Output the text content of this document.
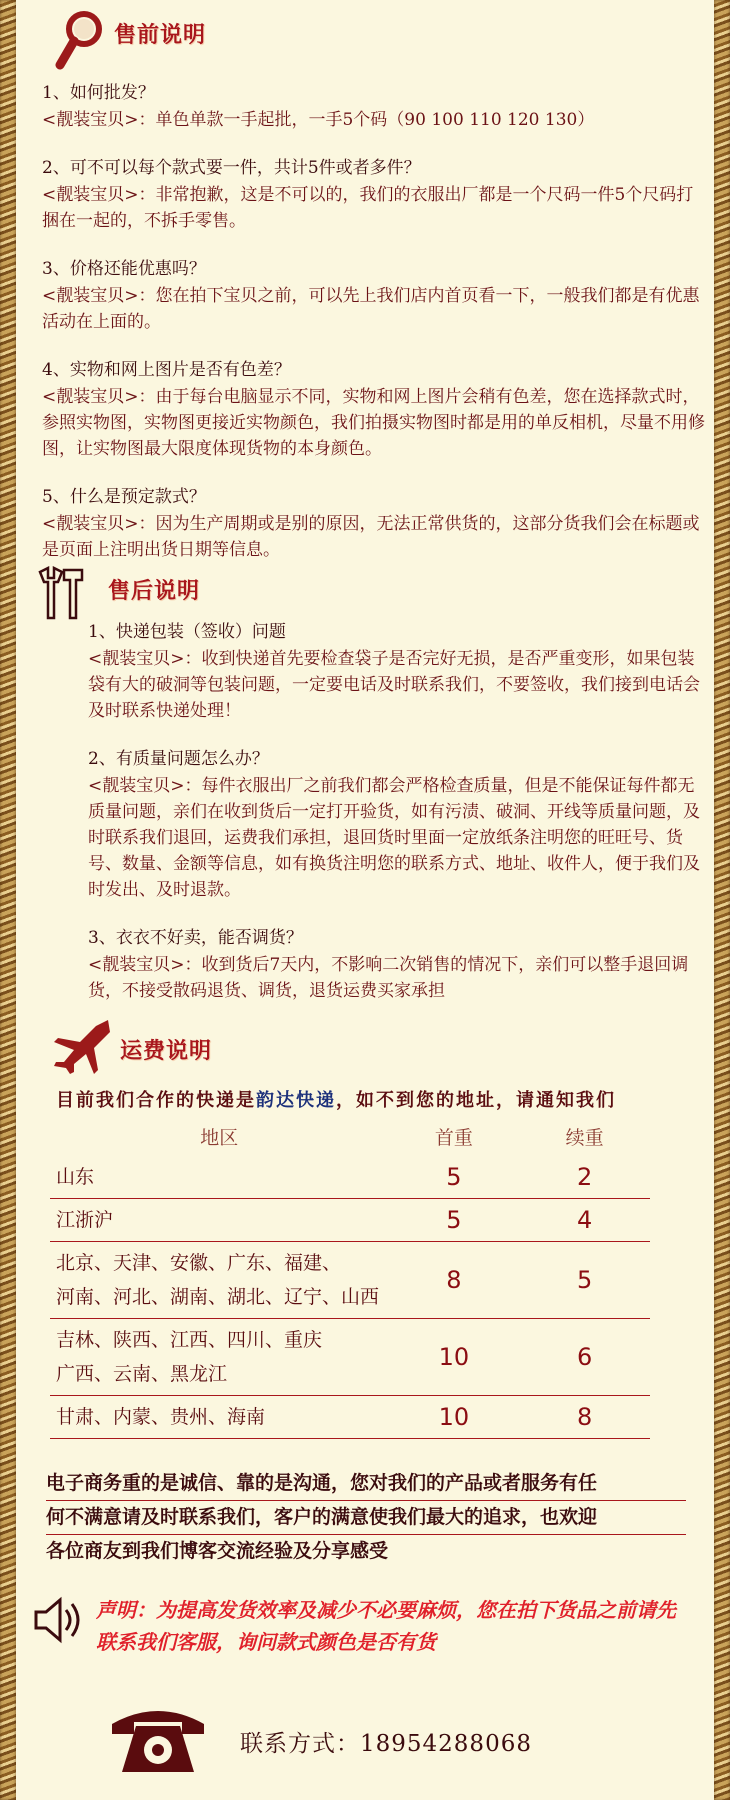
售前说明
1、如何批发？
<靓装宝贝>：单色单款一手起批，一手5个码（90 100 110 120 130）
2、可不可以每个款式要一件，共计5件或者多件？
<靓装宝贝>：非常抱歉，这是不可以的，我们的衣服出厂都是一个尺码一件5个尺码打捆在一起的，不拆手零售。
3、价格还能优惠吗？
<靓装宝贝>：您在拍下宝贝之前，可以先上我们店内首页看一下，一般我们都是有优惠活动在上面的。
4、实物和网上图片是否有色差？
<靓装宝贝>：由于每台电脑显示不同，实物和网上图片会稍有色差，您在选择款式时，参照实物图，实物图更接近实物颜色，我们拍摄实物图时都是用的单反相机，尽量不用修图，让实物图最大限度体现货物的本身颜色。
5、什么是预定款式？
<靓装宝贝>：因为生产周期或是别的原因，无法正常供货的，这部分货我们会在标题或是页面上注明出货日期等信息。
售后说明
1、快递包装（签收）问题
<靓装宝贝>：收到快递首先要检查袋子是否完好无损，是否严重变形，如果包装袋有大的破洞等包装问题，一定要电话及时联系我们，不要签收，我们接到电话会及时联系快递处理！
2、有质量问题怎么办？
<靓装宝贝>：每件衣服出厂之前我们都会严格检查质量，但是不能保证每件都无质量问题，亲们在收到货后一定打开验货，如有污渍、破洞、开线等质量问题，及时联系我们退回，运费我们承担，退回货时里面一定放纸条注明您的旺旺号、货号、数量、金额等信息，如有换货注明您的联系方式、地址、收件人，便于我们及时发出、及时退款。
3、衣衣不好卖，能否调货？
<靓装宝贝>：收到货后7天内，不影响二次销售的情况下，亲们可以整手退回调货，不接受散码退货、调货，退货运费买家承担
运费说明
目前我们合作的快递是韵达快递，如不到您的地址，请通知我们
地区	首重	续重

山东	5	2

江浙沪	5	4

北京、天津、安徽、广东、福建、
河南、河北、湖南、湖北、辽宁、山西	8	5

吉林、陕西、江西、四川、重庆
广西、云南、黑龙江	10	6

甘肃、内蒙、贵州、海南	10	8
电子商务重的是诚信、靠的是沟通，您对我们的产品或者服务有任
何不满意请及时联系我们，客户的满意使我们最大的追求，也欢迎
各位商友到我们博客交流经验及分享感受
声明：为提高发货效率及减少不必要麻烦，您在拍下货品之前请先联系我们客服，询问款式颜色是否有货
联系方式：18954288068
